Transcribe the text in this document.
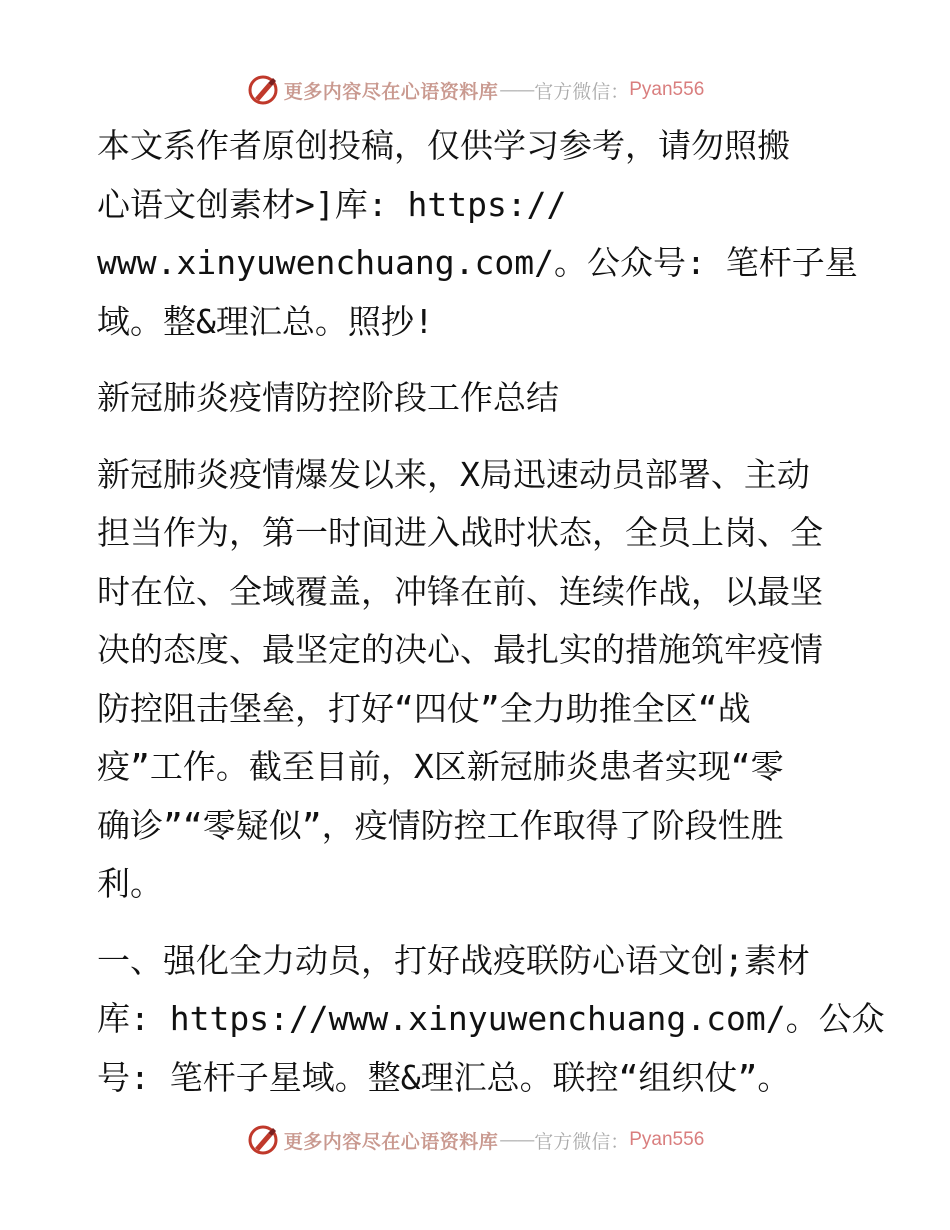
更多内容尽在心语资料库 —— 官方微信： Pyan556
本文系作者原创投稿，仅供学习参考，请勿照搬
心语文创素材>]库: https://
www.xinyuwenchuang.com/。公众号: 笔杆子星
域。整&理汇总。照抄!
新冠肺炎疫情防控阶段工作总结
新冠肺炎疫情爆发以来，X局迅速动员部署、主动
担当作为，第一时间进入战时状态，全员上岗、全
时在位、全域覆盖，冲锋在前、连续作战，以最坚
决的态度、最坚定的决心、最扎实的措施筑牢疫情
防控阻击堡垒，打好“四仗”全力助推全区“战
疫”工作。截至目前，X区新冠肺炎患者实现“零
确诊”“零疑似”，疫情防控工作取得了阶段性胜
利。
一、强化全力动员，打好战疫联防心语文创;素材
库: https://www.xinyuwenchuang.com/。公众
号: 笔杆子星域。整&理汇总。联控“组织仗”。
更多内容尽在心语资料库 —— 官方微信： Pyan556
